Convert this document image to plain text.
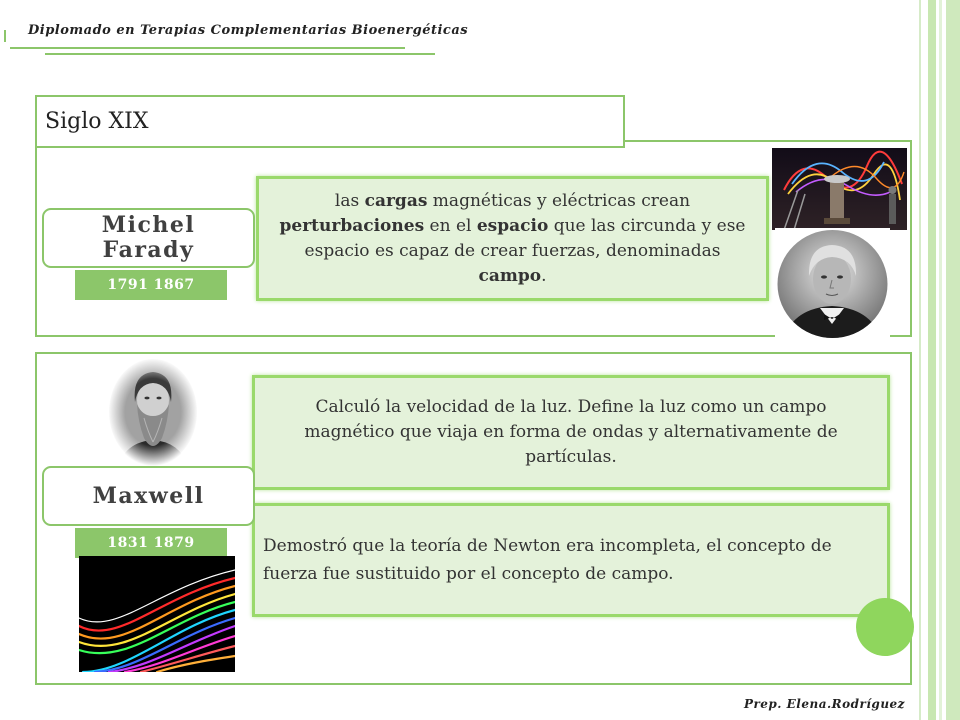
Diplomado en Terapias Complementarias Bioenergéticas
Siglo XIX
Michel Farady
1791 1867
las cargas magnéticas y eléctricas crean perturbaciones en el espacio que las circunda y ese espacio es capaz de crear fuerzas, denominadas campo.
Maxwell
1831 1879
Calculó la velocidad de la luz. Define la luz como un campo magnético que viaja en forma de ondas y alternativamente de partículas.
Demostró que la teoría de Newton era incompleta, el concepto de fuerza fue sustituido por el concepto de campo.
Prep. Elena.Rodríguez
